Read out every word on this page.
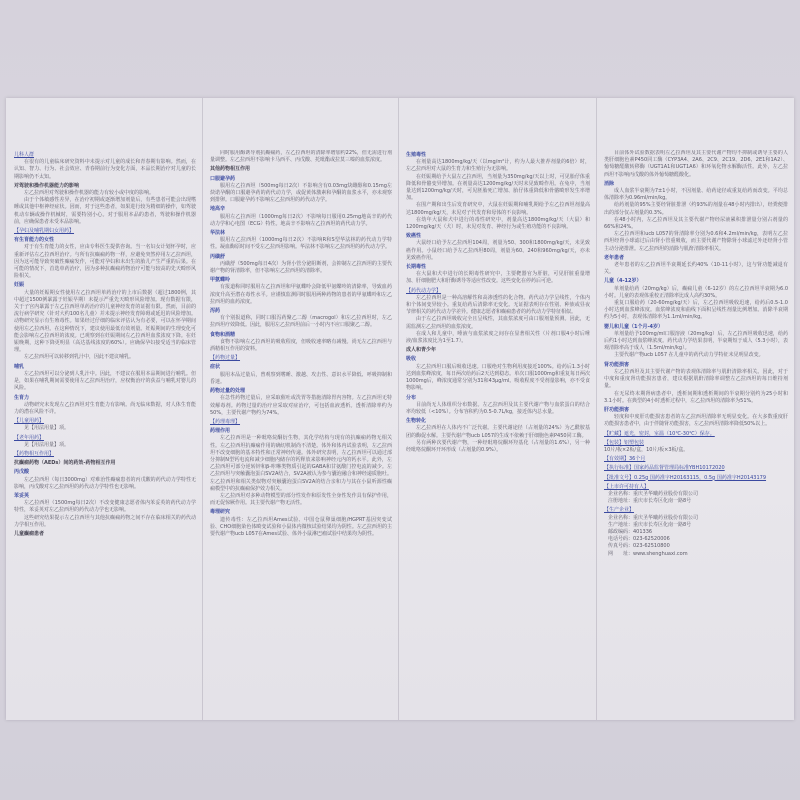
儿科人群

在很有的儿童临床研究资料中未提示对儿童的成长和青春期有影响。然而，在认知、智力、行为、社会效应、青春期前行为变化方面，本品长期治疗对儿童的长期影响仍不太知。

对驾驶和操作机器能力的影响

左乙拉西坦对驾驶和操作机器的能力有较小或中度的影响。

由于个体敏感性差异，在治疗初期或逐渐增加剂量后，有些患者可能会出现嗜睡或其他中枢神经症状。因而，对于这些患者，如果进行较为精细的操作，如驾驶机动车辆或操作机械时，需要特别小心。对于服用本品的患者，驾驶和操作机器前，应确保患者未受本品影响。

【孕妇及哺乳期妇女用药】

有生育能力的女性

对于有生育能力的女性，应由专科医生提供咨询。当一名妇女计划怀孕时，应重新评估左乙拉西坦治疗。与所有抗癫痫药物一样，应避免突然停用左乙拉西坦，因为这可能导致突破性癫痫发作，可能对孕妇和未出生的胎儿产生严重的后果。在可能的情况下，首选单药治疗，因为多种抗癫痫药物治疗可能与较高的先天畸形风险相关。

妊娠

大量的妊娠期女性使用左乙拉西坦单药治疗的上市后数据（超过1800例，其中超过1500例暴露于妊娠早期）未提示严重先天畸形风险增加。现有数据有限，关于子宫内暴露于左乙拉西坦单药治疗的儿童神经发育的证据有限。然而，目前的流行病学研究（针对大约100名儿童）并未提示神经发育障碍或延迟的风险增加。动物研究显示有生殖毒性。如果经过仔细的临床评估认为有必要，可以在怀孕期间使用左乙拉西坦。在这种情况下，建议使用最低有效剂量。妊娠期间的生理变化可能会影响左乙拉西坦的浓度。已观察到在妊娠期间左乙拉西坦血浆浓度下降。在妊娠晚期，这种下降更明显（高达基线浓度的60%）。应确保孕妇接受适当的临床管理。

左乙拉西坦可以转移到乳汁中，因此不建议哺乳。

哺乳

左乙拉西坦可以分泌到人乳汁中。因此，不建议在服用本品期间进行哺乳。但是，如果在哺乳期间需要使用左乙拉西坦治疗，应权衡治疗的获益与哺乳对婴儿的风险。

生育力

动物研究未发现左乙拉西坦对生育能力有影响。尚无临床数据，对人体生育能力的潜在风险不详。

【儿童用药】

见【用法用量】项。

【老年用药】

见【用法用量】项。

【药物相互作用】

抗癫痫药物（AEDs）间的药效-药物相互作用

丙戊酸

左乙拉西坦（每日3000mg）对难治性癫痫患者的丙戊酸的药代动力学特性无影响，丙戊酸对左乙拉西坦的药代动力学特性也无影响。

苯妥英

左乙拉西坦（1500mg每日2次）不改变健康志愿者体内苯妥英的药代动力学特性，苯妥英对左乙拉西坦的药代动力学也无影响。

这些研究结果提示左乙拉西坦与其他抗癫痫药物之间不存在临床相关的药代动力学相互作用。

儿童癫痫患者

同时服用酶诱导剂抗癫痫药，左乙拉西坦的清除率增加约22%，但无需进行剂量调整。左乙拉西坦不影响卡马西平、丙戊酸、托吡酯或拉莫三嗪的血浆浓度。

其他药物相互作用

口服避孕药

服用左乙拉西坦（500mg每日2次）不影响含有0.03mg炔雌醇和0.15mg左炔诺孕酮的口服避孕药的药代动力学，或促黄体激素和孕酮的血浆水平，亦未观察到排卵。口服避孕药不影响左乙拉西坦的药代动力学。

地高辛

服用左乙拉西坦（1000mg每日2次）不影响每日服用0.25mg地高辛的药代动力学和心电图（ECG）特性。地高辛不影响左乙拉西坦的药代动力学。

华法林

服用左乙拉西坦（1000mg每日2次）不影响R和S型华法林的药代动力学特性。凝血酶原时间不受左乙拉西坦影响。华法林不影响左乙拉西坦的药代动力学。

丙磺舒

丙磺舒（500mg每日4次）为肾小管分泌阻断剂，会抑制左乙拉西坦的主要代谢产物的肾清除率，但不影响左乙拉西坦的清除率。

甲氨蝶呤

有报道称同时服用左乙拉西坦和甲氨蝶呤会降低甲氨蝶呤的清除率，导致血药浓度升高至潜在毒性水平。应谨慎监测同时服用两种药物的患者的甲氨蝶呤和左乙拉西坦的血药浓度。

泻药

有个别报道称，同时口服泻药聚乙二醇（macrogol）和左乙拉西坦时，左乙拉西坦疗效降低。因此，服用左乙拉西坦前后一小时内不应口服聚乙二醇。

食物和酒精

食物不影响左乙拉西坦的吸收程度，但吸收速率略有减慢。尚无左乙拉西坦与酒精相互作用的资料。

【药物过量】

症状

服用本品过量后，曾观察到嗜睡、激越、攻击性、意识水平降低、呼吸抑制和昏迷。

药物过量的处理

在急性药物过量后，应采取催吐或洗胃等措施清除胃内容物。左乙拉西坦无特效解毒剂。药物过量的治疗应采取对症治疗，可包括血液透析。透析清除率约为50%，主要代谢产物约为74%。

【药理毒理】

药理作用

左乙拉西坦是一种吡咯烷酮衍生物，其化学结构与现有的抗癫痫药物无相关性。左乙拉西坦抗癫痫作用的确切机制尚不清楚。体外和体内试验表明，左乙拉西坦不改变细胞的基本特性和正常神经传递。体外研究表明，左乙拉西坦可以通过部分抑制N型钙电流和减少细胞内储存的钙释放来影响神经元内的钙水平。此外，左乙拉西坦可部分逆转锌和β-咔啉类物质引起的GABA和甘氨酸门控电流的减少。左乙拉西坦与突触囊泡蛋白SV2A结合，SV2A被认为参与囊泡融合和神经递质胞吐。左乙拉西坦和相关类似物对突触囊泡蛋白SV2A的结合亲和力与其在小鼠听源性癫痫模型中的抗癫痫保护效力相关。

左乙拉西坦对多种动物模型的部分性发作和原发性全身性发作具有保护作用，而无促惊厥作用。其主要代谢产物无活性。

毒理研究

遗传毒性：左乙拉西坦Ames试验、中国仓鼠卵巢细胞/HGPRT基因突变试验、CHO细胞染色体畸变试验和小鼠体内微核试验结果均为阴性。左乙拉西坦的主要代谢产物ucb L057在Ames试验、体外小鼠淋巴瘤试验中结果均为阴性。

生殖毒性

在剂量高达1800mg/kg/天（以mg/m²计，约为人最大推荐剂量的6倍）时，左乙拉西坦对大鼠的生育力和生殖行为无影响。

在妊娠期给予大鼠左乙拉西坦，当剂量为350mg/kg/天以上时，可见胎仔体重降低和骨骼变异增加。在剂量高达1200mg/kg/天时未见致畸作用。在兔中，当剂量达到1200mg/kg/天时，可见胚胎死亡增加、胎仔体重降低和骨骼畸形发生率增加。

在围产期和出生后发育研究中，大鼠在妊娠期和哺乳期给予左乙拉西坦剂量高达1800mg/kg/天，未见对子代发育和母体的不良影响。

在幼年大鼠和犬中进行的毒性研究中，剂量高达1800mg/kg/天（大鼠）和1200mg/kg/天（犬）时，未见对发育、神经行为或生殖功能的不良影响。

致癌性

大鼠经口给予左乙拉西坦104周，剂量为50、300和1800mg/kg/天，未见致癌作用。小鼠经口给予左乙拉西坦80周，剂量为60、240和960mg/kg/天，亦未见致癌作用。

长期毒性

在大鼠和犬中进行的长期毒性研究中，主要靶器官为肝脏，可见肝脏重量增加、肝细胞肥大和肝酶诱导等适应性改变。这些变化在停药后可逆。

【药代动力学】

左乙拉西坦是一种高溶解性和高渗透性的化合物。药代动力学呈线性，个体内和个体间变异较小。重复给药后清除率无变化。无证据表明存在性别、种族或昼夜节律相关的药代动力学差异。健康志愿者和癫痫患者的药代动力学特征相似。

由于左乙拉西坦吸收完全且呈线性，其血浆浓度可由口服剂量预测。因此，无需监测左乙拉西坦的血浆浓度。

在成人和儿童中，唾液与血浆浓度之间存在显著相关性（片剂口服4小时后唾液/血浆浓度比为1至1.7）。

成人和青少年

吸收

左乙拉西坦口服后吸收迅速。口服绝对生物利用度接近100%。给药后1.3小时达到血浆峰浓度，每日两次给药后2天达到稳态。单次口服1000mg和重复每日两次1000mg后，峰浓度通常分别为31和43μg/ml。吸收程度不受剂量影响，亦不受食物影响。

分布

目前尚无人体组织分布数据。左乙拉西坦及其主要代谢产物与血浆蛋白的结合率均较低（<10%）。分布容积约为0.5-0.7L/kg，接近体内总水量。

生物转化

左乙拉西坦在人体内不广泛代谢。主要代谢途径（占剂量的24%）为乙酰胺基团的酶促水解。主要代谢产物ucb L057的生成不依赖于肝细胞色素P450同工酶。

另有两种次要代谢产物，一种经吡咯烷酮环羟基化（占剂量的1.6%），另一种经吡咯烷酮环开环形成（占剂量的0.9%）。

目前体外试验数据表明左乙拉西坦及其主要代谢产物均不抑制或诱导主要的人类肝细胞色素P450同工酶（CYP3A4、2A6、2C9、2C19、2D6、2E1和1A2）、葡萄糖醛酸转移酶（UGT1A1和UGT1A6）和环氧化物水解酶活性。此外，左乙拉西坦不影响丙戊酸的体外葡萄糖醛酸化。

消除

成人血浆半衰期为7±1小时，不因剂量、给药途径或重复给药而改变。平均总体清除率为0.96ml/min/kg。

给药剂量的95%主要经肾脏排泄（约93%的剂量在48小时内排出），经粪便排出的部分仅占剂量的0.3%。

在48小时内，左乙拉西坦及其主要代谢产物经尿液累积排泄量分别占剂量的66%和24%。

左乙拉西坦和ucb L057的肾清除率分别为0.6和4.2ml/min/kg，表明左乙拉西坦经肾小球滤过后由肾小管重吸收，而主要代谢产物除肾小球滤过外还经肾小管主动分泌排泄。左乙拉西坦的消除与肌酐清除率相关。

老年患者

老年患者的左乙拉西坦半衰期延长约40%（10-11小时），这与肾功能减退有关。

儿童（4-12岁）

单剂量给药（20mg/kg）后，癫痫儿童（6-12岁）的左乙拉西坦半衰期为6.0小时。儿童的表观体重校正清除率比成人高约30%。

重复口服给药（20-60mg/kg/天）后，左乙拉西坦吸收迅速，给药后0.5-1.0小时达到血浆峰浓度。血浆峰浓度和曲线下面积呈线性剂量比例增加。消除半衰期约为5小时，表观体清除率为1.1ml/min/kg。

婴儿和儿童（1个月-4岁）

单剂量给予100mg/ml口服溶液（20mg/kg）后，左乙拉西坦吸收迅速，给药后约1小时达到血浆峰浓度。药代动力学结果表明，半衰期短于成人（5.3小时），表观清除率高于成人（1.5ml/min/kg）。

主要代谢产物ucb L057 在儿童中的药代动力学特征未见明显改变。

肾功能损害

左乙拉西坦及其主要代谢产物的表观体清除率与肌酐清除率相关。因此，对于中度和重度肾功能损害患者，建议根据肌酐清除率调整左乙拉西坦的每日维持剂量。

在无尿终末期肾病患者中，透析间期和透析期间的半衰期分别约为25小时和3.1小时。在典型的4小时透析过程中，左乙拉西坦的清除率为51%。

肝功能损害

轻度和中度肝功能损害患者的左乙拉西坦清除率无明显变化。在大多数重度肝功能损害患者中，由于伴随肾功能损害，左乙拉西坦清除率降低50%以上。

【贮藏】遮光，密封，室温（10℃-30℃）保存。

【包装】铝塑包装

10片/板×2板/盒，10片/板×3板/盒。

【有效期】36个月

【执行标准】国家药品监督管理局标准YBH10172020

【批准文号】0.25g 国药准字H20163115，0.5g 国药准字H20143179

【上市许可持有人】

企业名称：重庆圣华曦药业股份有限公司

注册地址：重庆市长寿区化南一路8号

【生产企业】

企业名称：重庆圣华曦药业股份有限公司

生产地址：重庆市长寿区化南一路8号

邮政编码：401336

电话号码：023-62520006

传真号码：023-62510800

网　　址：www.shenghuaxi.com
